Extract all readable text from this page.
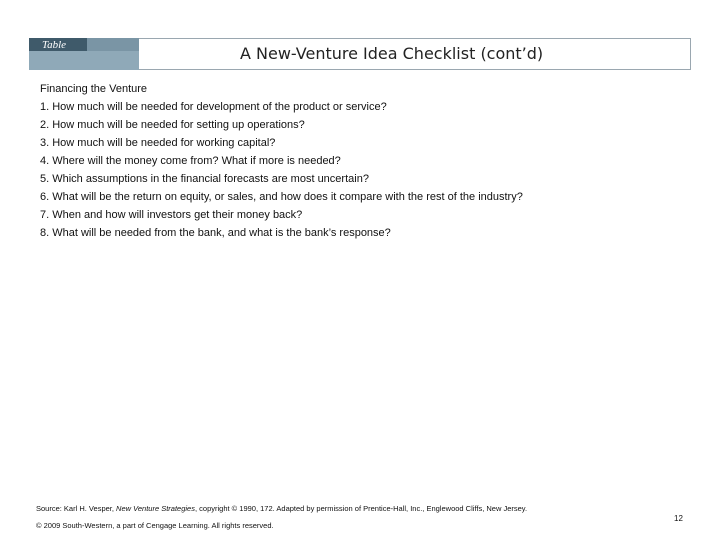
Table	A New-Venture Idea Checklist (cont’d)
Financing the Venture
1. How much will be needed for development of the product or service?
2. How much will be needed for setting up operations?
3. How much will be needed for working capital?
4. Where will the money come from? What if more is needed?
5. Which assumptions in the financial forecasts are most uncertain?
6. What will be the return on equity, or sales, and how does it compare with the rest of the industry?
7. When and how will investors get their money back?
8. What will be needed from the bank, and what is the bank’s response?
Source: Karl H. Vesper, New Venture Strategies, copyright © 1990, 172. Adapted by permission of Prentice-Hall, Inc., Englewood Cliffs, New Jersey.
© 2009 South-Western, a part of Cengage Learning. All rights reserved.
12
